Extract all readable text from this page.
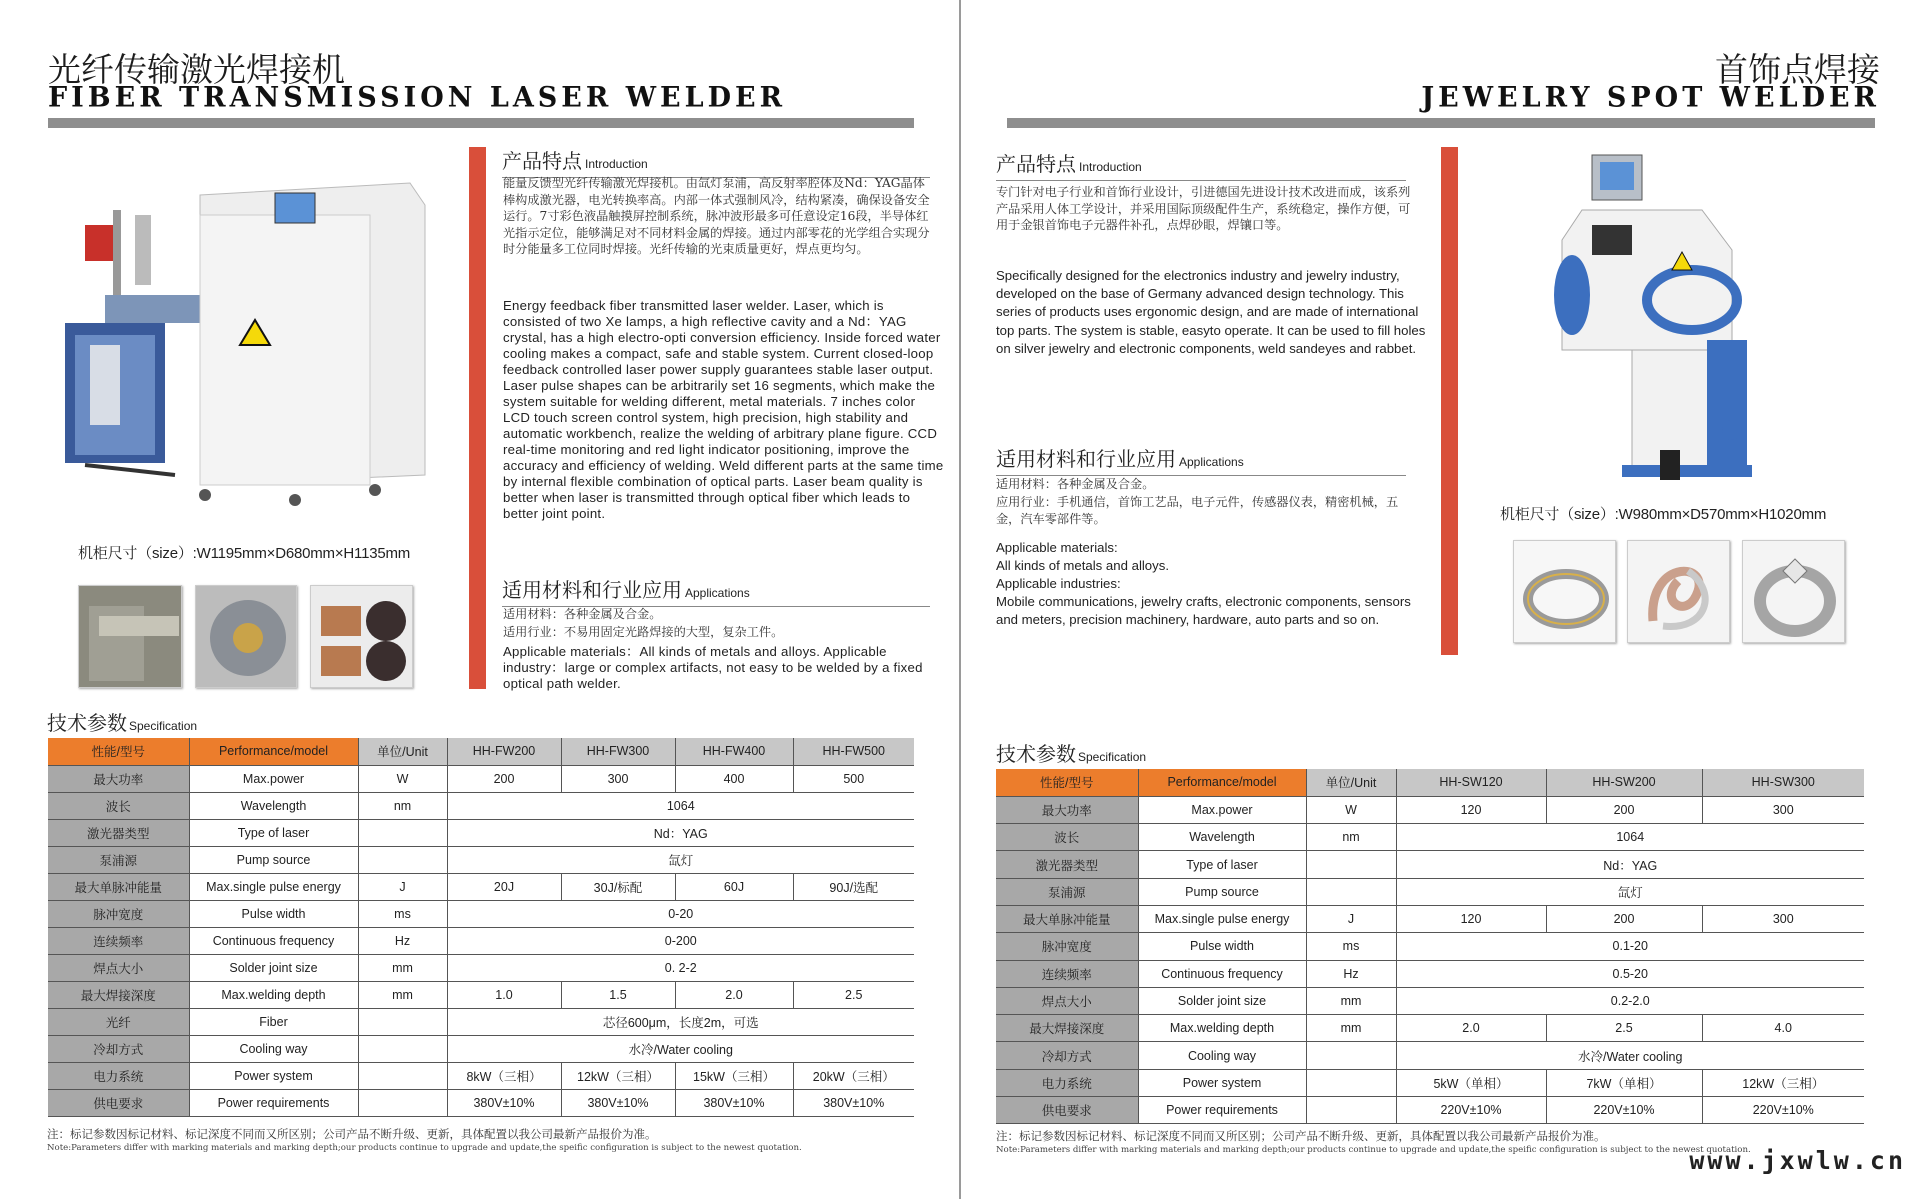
光纤传输激光焊接机
FIBER TRANSMISSION LASER WELDER
机柜尺寸（size）:W1195mm×D680mm×H1135mm
产品特点 Introduction
能量反馈型光纤传输激光焊接机。由氙灯泵浦，高反射率腔体及Nd：YAG晶体棒构成激光器，电光转换率高。内部一体式强制风冷，结构紧凑，确保设备安全运行。7寸彩色液晶触摸屏控制系统，脉冲波形最多可任意设定16段，半导体红光指示定位，能够满足对不同材料金属的焊接。通过内部零花的光学组合实现分时分能量多工位同时焊接。光纤传输的光束质量更好，焊点更均匀。
Energy feedback fiber transmitted laser welder. Laser, which is consisted of two Xe lamps, a high reflective cavity and a Nd：YAG crystal, has a high electro-opti conversion efficiency. Inside forced water cooling makes a compact, safe and stable system. Current closed-loop feedback controlled laser power supply guarantees stable laser output. Laser pulse shapes can be arbitrarily set 16 segments, which make the system suitable for welding different, metal materials. 7 inches color LCD touch screen control system, high precision, high stability and automatic workbench, realize the welding of arbitrary plane figure. CCD real-time monitoring and red light indicator positioning, improve the accuracy and efficiency of welding. Weld different parts at the same time by internal flexible combination of optical parts. Laser beam quality is better when laser is transmitted through optical fiber which leads to better joint point.
适用材料和行业应用 Applications
适用材料：各种金属及合金。
适用行业：不易用固定光路焊接的大型，复杂工件。
Applicable materials：All kinds of metals and alloys. Applicable industry：large or complex artifacts, not easy to be welded by a fixed optical path welder.
技术参数 Specification
性能/型号	Performance/model	单位/Unit	HH-FW200	HH-FW300	HH-FW400	HH-FW500
最大功率	Max.power	W	200	300	400	500
波长	Wavelength	nm	1064			
激光器类型	Type of laser		Nd：YAG			
泵浦源	Pump source		氙灯			
最大单脉冲能量	Max.single pulse energy	J	20J	30J/标配	60J	90J/选配
脉冲宽度	Pulse width	ms	0-20			
连续频率	Continuous frequency	Hz	0-200			
焊点大小	Solder joint size	mm	0. 2-2			
最大焊接深度	Max.welding depth	mm	1.0	1.5	2.0	2.5
光纤	Fiber		芯径600μm，长度2m，可选			
冷却方式	Cooling way		水冷/Water cooling			
电力系统	Power system		8kW（三相）	12kW（三相）	15kW（三相）	20kW（三相）
供电要求	Power requirements		380V±10%	380V±10%	380V±10%	380V±10%
注：标记参数因标记材料、标记深度不同而又所区别；公司产品不断升级、更新，具体配置以我公司最新产品报价为准。
Note:Parameters differ with marking materials and marking depth;our products continue to upgrade and update,the speific configuration is subject to the newest quotation.
首饰点焊接
JEWELRY SPOT WELDER
产品特点 Introduction
专门针对电子行业和首饰行业设计，引进德国先进设计技术改进而成，该系列产品采用人体工学设计，并采用国际顶级配件生产，系统稳定，操作方便，可用于金银首饰电子元器件补孔，点焊砂眼，焊镶口等。
Specifically designed for the electronics industry and jewelry industry, developed on the base of Germany advanced design technology. This series of products uses ergonomic design, and are made of international top parts. The system is stable, easyto operate. It can be used to fill holes on silver jewelry and electronic components, weld sandeyes and rabbet.
适用材料和行业应用 Applications
适用材料：各种金属及合金。
应用行业：手机通信，首饰工艺品，电子元件，传感器仪表，精密机械，五金，汽车零部件等。
Applicable materials:
All kinds of metals and alloys.
Applicable industries:
Mobile communications, jewelry crafts, electronic components, sensors and meters, precision machinery, hardware, auto parts and so on.
机柜尺寸（size）:W980mm×D570mm×H1020mm
技术参数 Specification
性能/型号	Performance/model	单位/Unit	HH-SW120	HH-SW200	HH-SW300
最大功率	Max.power	W	120	200	300
波长	Wavelength	nm	1064		
激光器类型	Type of laser		Nd：YAG		
泵浦源	Pump source		氙灯		
最大单脉冲能量	Max.single pulse energy	J	120	200	300
脉冲宽度	Pulse width	ms	0.1-20		
连续频率	Continuous frequency	Hz	0.5-20		
焊点大小	Solder joint size	mm	0.2-2.0		
最大焊接深度	Max.welding depth	mm	2.0	2.5	4.0
冷却方式	Cooling way		水冷/Water cooling		
电力系统	Power system		5kW（单相）	7kW（单相）	12kW（三相）
供电要求	Power requirements		220V±10%	220V±10%	220V±10%
注：标记参数因标记材料、标记深度不同而又所区别；公司产品不断升级、更新，具体配置以我公司最新产品报价为准。
Note:Parameters differ with marking materials and marking depth;our products continue to upgrade and update,the speific configuration is subject to the newest quotation.
www.jxwlw.cn
